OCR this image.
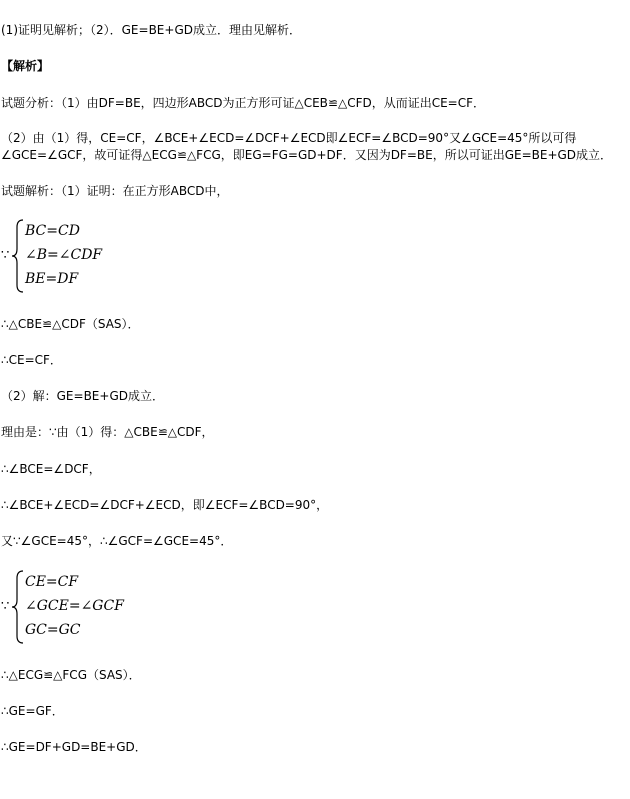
(1)证明见解析；（2）．GE=BE+GD成立．理由见解析．
【解析】
试题分析：（1）由DF=BE，四边形ABCD为正方形可证△CEB≌△CFD，从而证出CE=CF．
（2）由（1）得，CE=CF，∠BCE+∠ECD=∠DCF+∠ECD即∠ECF=∠BCD=90°又∠GCE=45°所以可得
∠GCE=∠GCF，故可证得△ECG≌△FCG，即EG=FG=GD+DF．又因为DF=BE，所以可证出GE=BE+GD成立．
试题解析：（1）证明：在正方形ABCD中，
∵
BC=CD
∠B=∠CDF
BE=DF
∴△CBE≌△CDF（SAS）．
∴CE=CF．
（2）解：GE=BE+GD成立．
理由是：∵由（1）得：△CBE≌△CDF，
∴∠BCE=∠DCF，
∴∠BCE+∠ECD=∠DCF+∠ECD，即∠ECF=∠BCD=90°，
又∵∠GCE=45°，∴∠GCF=∠GCE=45°．
∵
CE=CF
∠GCE=∠GCF
GC=GC
∴△ECG≌△FCG（SAS）．
∴GE=GF．
∴GE=DF+GD=BE+GD．
